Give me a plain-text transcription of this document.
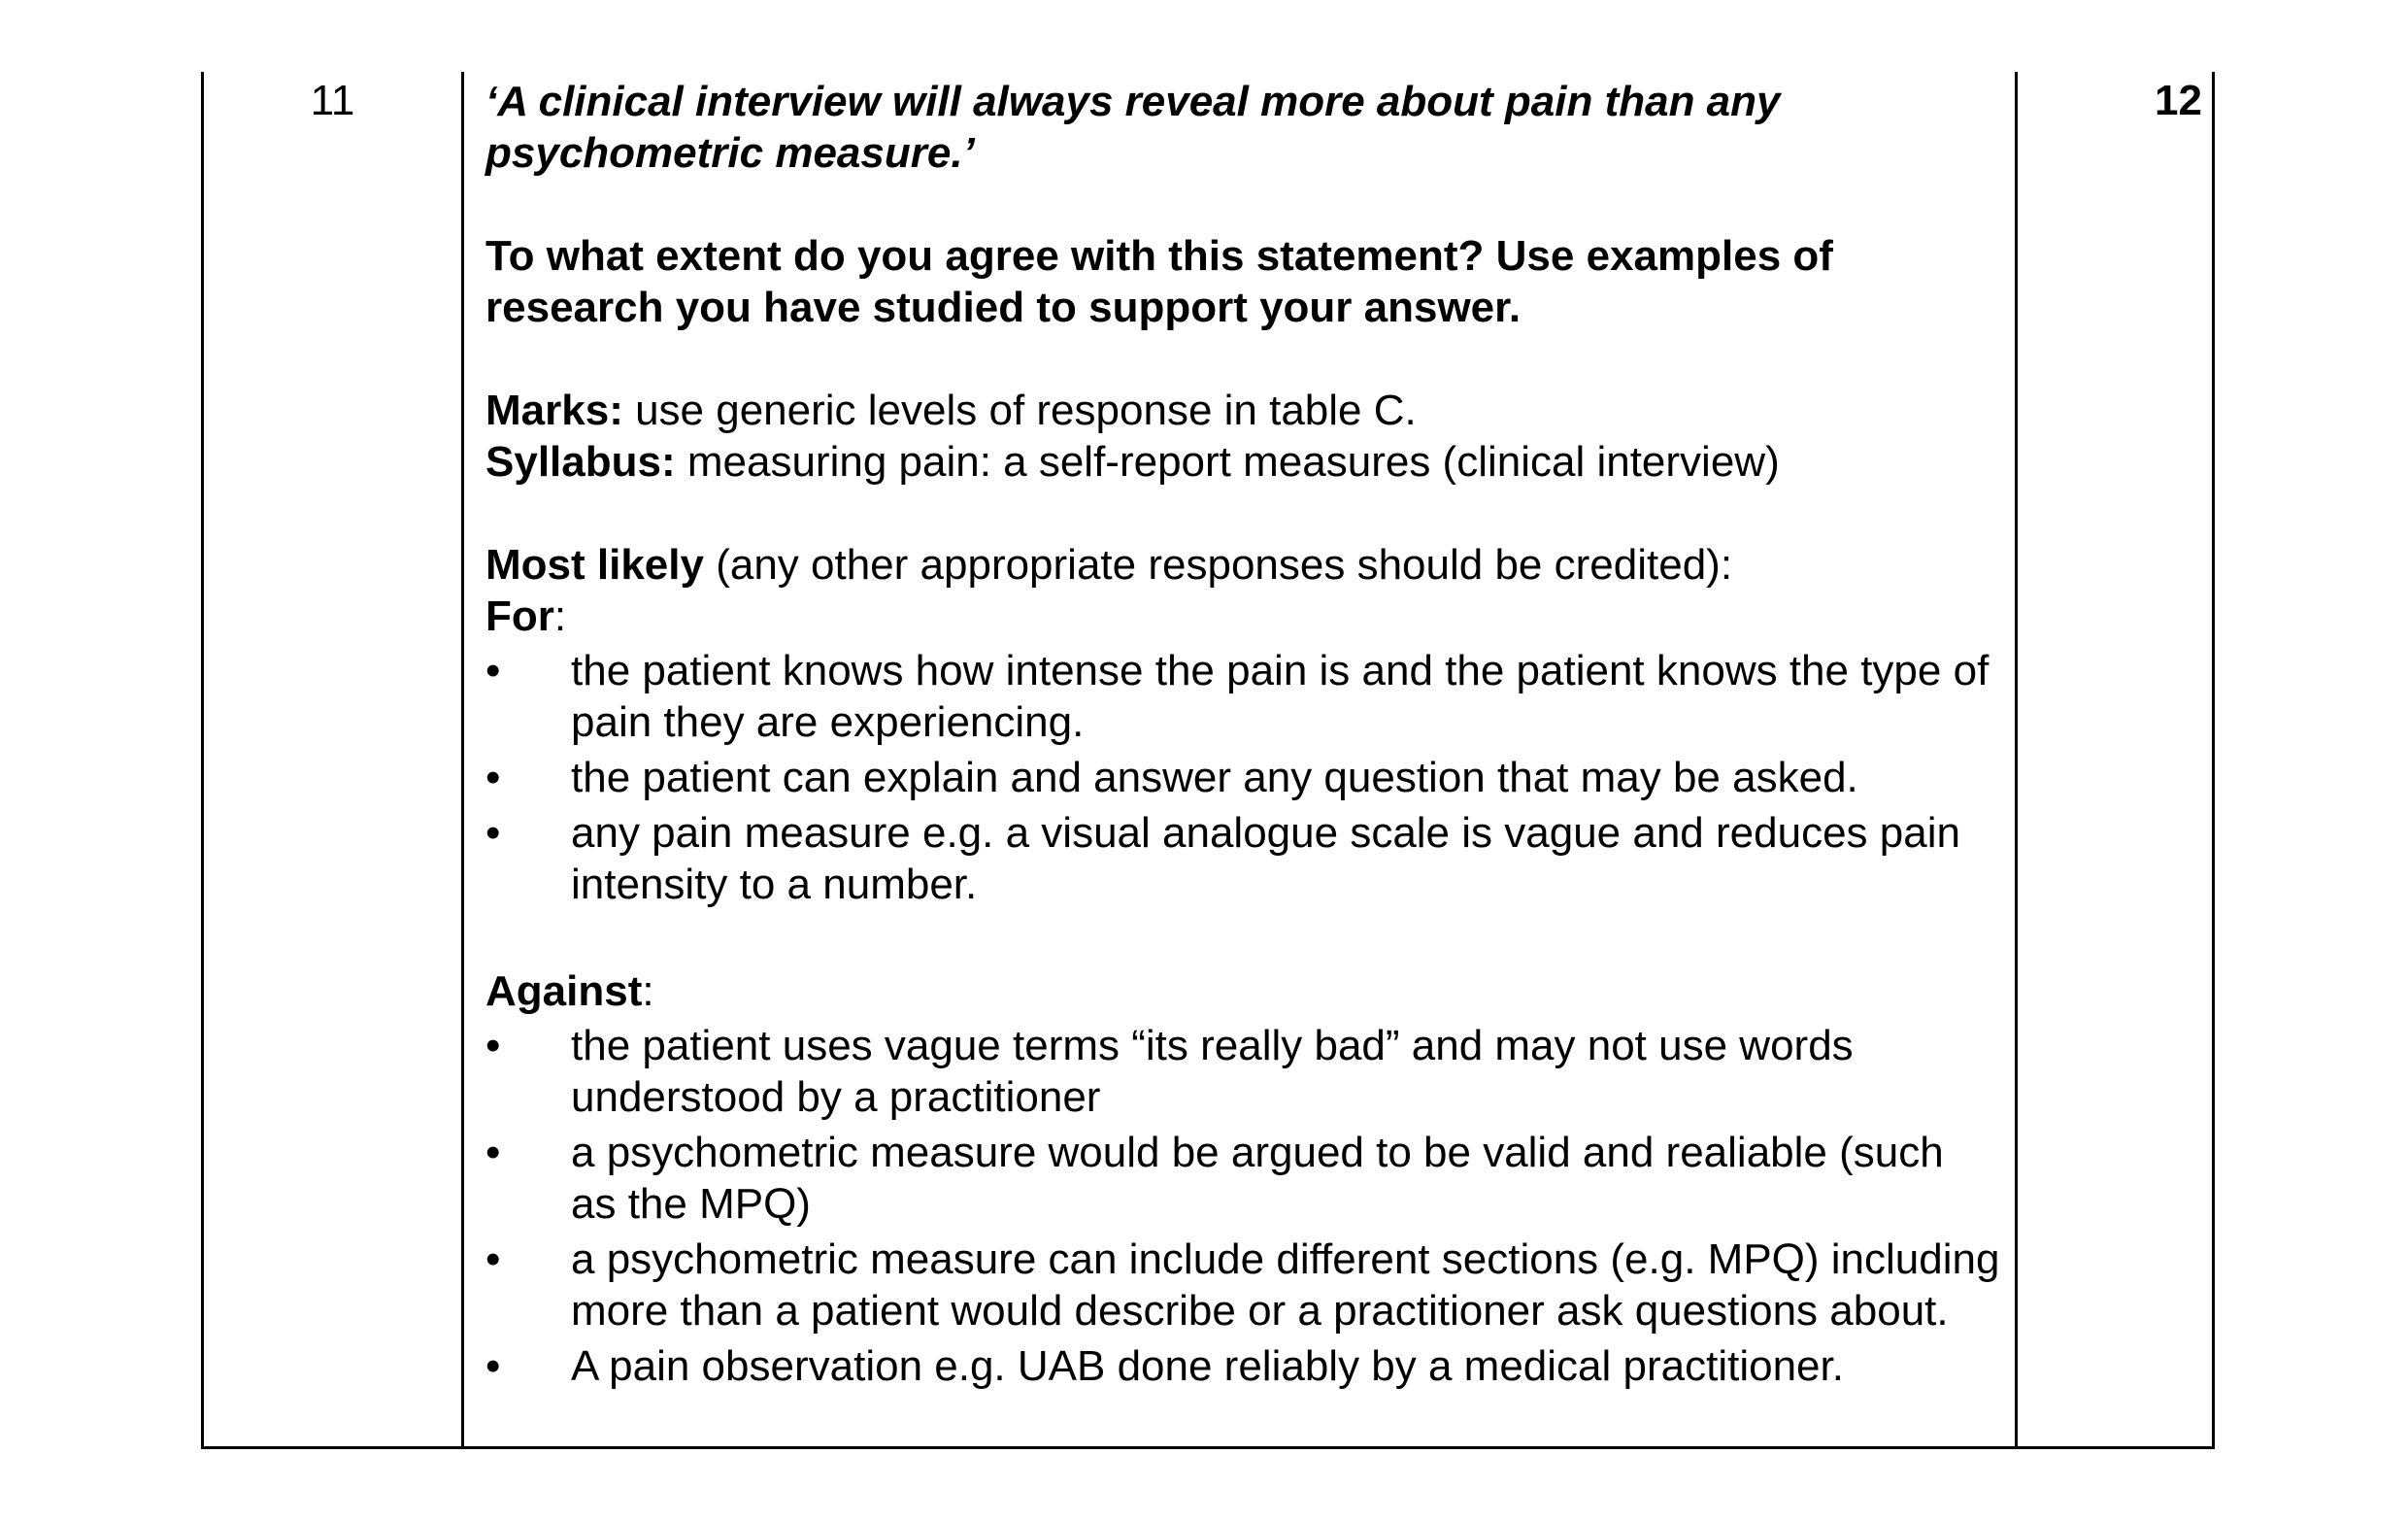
11	‘A clinical interview will always reveal more about pain than any psychometric measure.’

To what extent do you agree with this statement? Use examples of research you have studied to support your answer.

Marks: use generic levels of response in table C.

Syllabus: measuring pain: a self-report measures (clinical interview)

Most likely (any other appropriate responses should be credited):

For:

• the patient knows how intense the pain is and the patient knows the type of pain they are experiencing.
• the patient can explain and answer any question that may be asked.
• any pain measure e.g. a visual analogue scale is vague and reduces pain intensity to a number.

Against:

• the patient uses vague terms “its really bad” and may not use words understood by a practitioner
• a psychometric measure would be argued to be valid and realiable (such as the MPQ)
• a psychometric measure can include different sections (e.g. MPQ) including more than a patient would describe or a practitioner ask questions about.
• A pain observation e.g. UAB done reliably by a medical practitioner.
12
